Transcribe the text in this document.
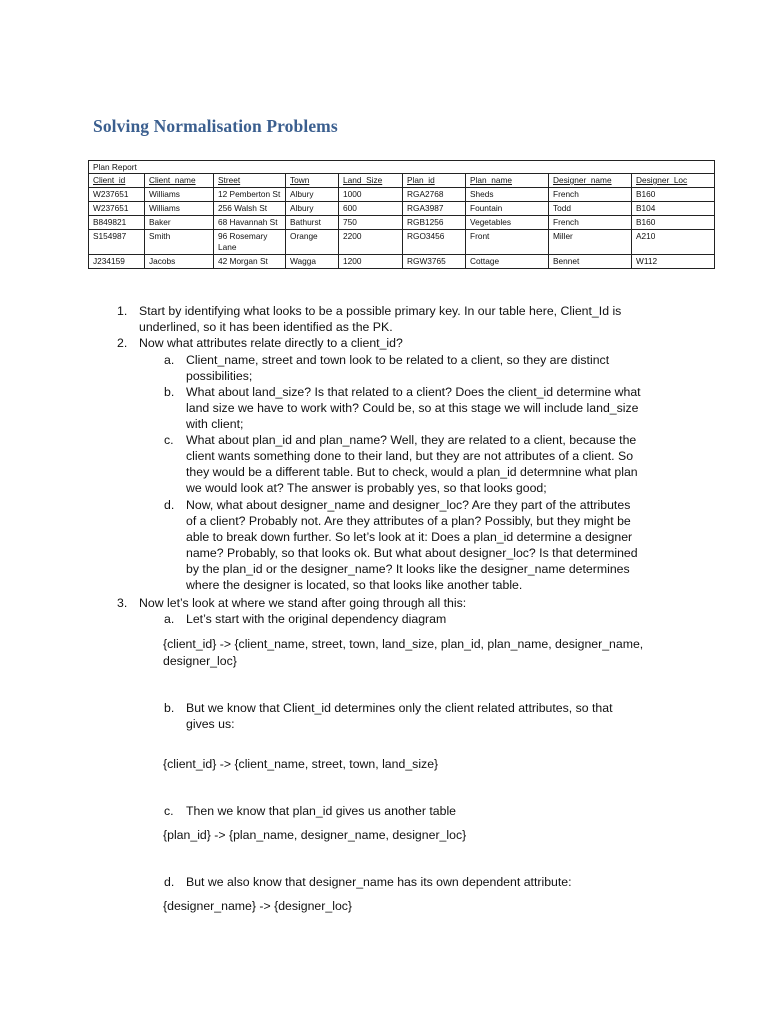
Solving Normalisation Problems
Plan Report								
Client_id	Client_name	Street	Town	Land_Size	Plan_id	Plan_name	Designer_name	Designer_Loc
W237651	Williams	12 Pemberton St	Albury	1000	RGA2768	Sheds	French	B160
W237651	Williams	256 Walsh St	Albury	600	RGA3987	Fountain	Todd	B104
B849821	Baker	68 Havannah St	Bathurst	750	RGB1256	Vegetables	French	B160
S154987	Smith	96 Rosemary Lane	Orange	2200	RGO3456	Front	Miller	A210
J234159	Jacobs	42 Morgan St	Wagga	1200	RGW3765	Cottage	Bennet	W112
1. Start by identifying what looks to be a possible primary key. In our table here, Client_Id is
underlined, so it has been identified as the PK.
2. Now what attributes relate directly to a client_id?
a. Client_name, street and town look to be related to a client, so they are distinct
possibilities;
b. What about land_size? Is that related to a client? Does the client_id determine what
land size we have to work with? Could be, so at this stage we will include land_size
with client;
c. What about plan_id and plan_name? Well, they are related to a client, because the
client wants something done to their land, but they are not attributes of a client. So
they would be a different table. But to check, would a plan_id determnine what plan
we would look at? The answer is probably yes, so that looks good;
d. Now, what about designer_name and designer_loc? Are they part of the attributes
of a client? Probably not. Are they attributes of a plan? Possibly, but they might be
able to break down further. So let’s look at it: Does a plan_id determine a designer
name? Probably, so that looks ok. But what about designer_loc? Is that determined
by the plan_id or the designer_name? It looks like the designer_name determines
where the designer is located, so that looks like another table.
3. Now let’s look at where we stand after going through all this:
a. Let’s start with the original dependency diagram
{client_id} -> {client_name, street, town, land_size, plan_id, plan_name, designer_name,
designer_loc}
b. But we know that Client_id determines only the client related attributes, so that
gives us:
{client_id} -> {client_name, street, town, land_size}
c. Then we know that plan_id gives us another table
{plan_id} -> {plan_name, designer_name, designer_loc}
d. But we also know that designer_name has its own dependent attribute:
{designer_name} -> {designer_loc}
